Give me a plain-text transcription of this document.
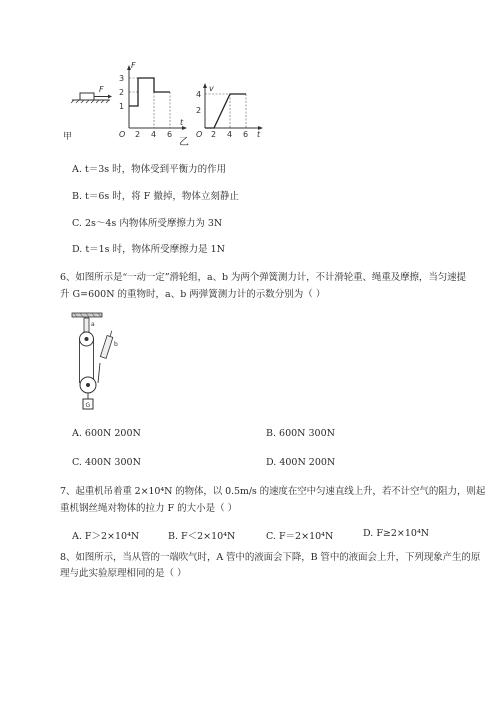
F
甲
F
3
2
1
O 2 4 6
t
乙
v
4
2
O 2 4 6 t
A. t＝3s 时，物体受到平衡力的作用
B. t＝6s 时，将 F 撤掉，物体立刻静止
C. 2s～4s 内物体所受摩擦力为 3N
D. t＝1s 时，物体所受摩擦力是 1N
6、如图所示是“一动一定”滑轮组，a、b 为两个弹簧测力计，不计滑轮重、绳重及摩擦，当匀速提
升 G=600N 的重物时，a、b 两弹簧测力计的示数分别为（ ）
a
b
G
A. 600N 200N	B. 600N 300N
C. 400N 300N	D. 400N 200N
7、起重机吊着重 2×10⁴N 的物体，以 0.5m/s 的速度在空中匀速直线上升，若不计空气的阻力，则起
重机钢丝绳对物体的拉力 F 的大小是（ ）
A. F＞2×10⁴N	B. F＜2×10⁴N	C. F＝2×10⁴N	D. F≥2×10⁴N
8、如图所示，当从管的一端吹气时，A 管中的液面会下降，B 管中的液面会上升，下列现象产生的原
理与此实验原理相同的是（ ）
